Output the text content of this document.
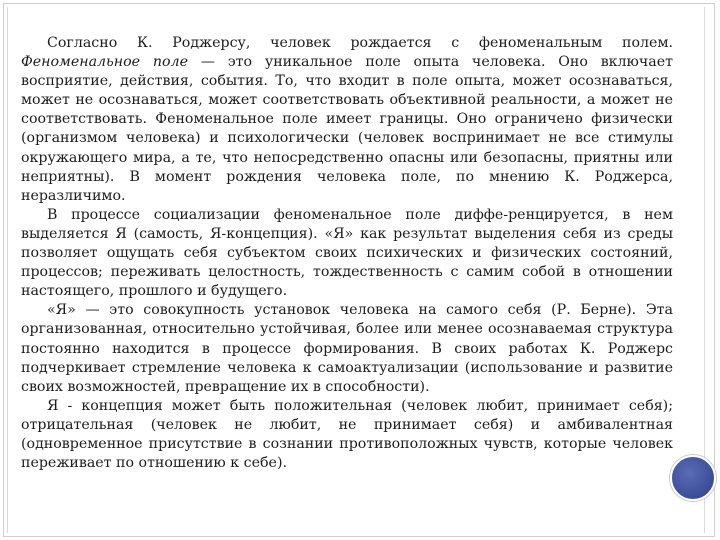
Согласно К. Роджерсу, человек рождается с феноменальным полем. Феноменальное поле — это уникальное поле опыта человека. Оно включает восприятие, действия, события. То, что входит в поле опыта, может осознаваться, может не осознаваться, может соответствовать объективной реальности, а может не соответствовать. Феноменальное поле имеет границы. Оно ограничено физически (организмом человека) и психологически (человек воспринимает не все стимулы окружающего мира, а те, что непосредственно опасны или безопасны, приятны или неприятны). В момент рождения человека поле, по мнению К. Роджерса, неразличимо.

В процессе социализации феноменальное поле диффе-ренцируется, в нем выделяется Я (самость, Я-концепция). «Я» как результат выделения себя из среды позволяет ощущать себя субъектом своих психических и физических состояний, процессов; переживать целостность, тождественность с самим собой в отношении настоящего, прошлого и будущего.

«Я» — это совокупность установок человека на самого себя (Р. Берне). Эта организованная, относительно устойчивая, более или менее осознаваемая структура постоянно находится в процессе формирования. В своих работах К. Роджерс подчеркивает стремление человека к самоактуализации (использование и развитие своих возможностей, превращение их в способности).

Я - концепция может быть положительная (человек любит, принимает себя); отрицательная (человек не любит, не принимает себя) и амбивалентная (одновременное присутствие в сознании противоположных чувств, которые человек переживает по отношению к себе).
